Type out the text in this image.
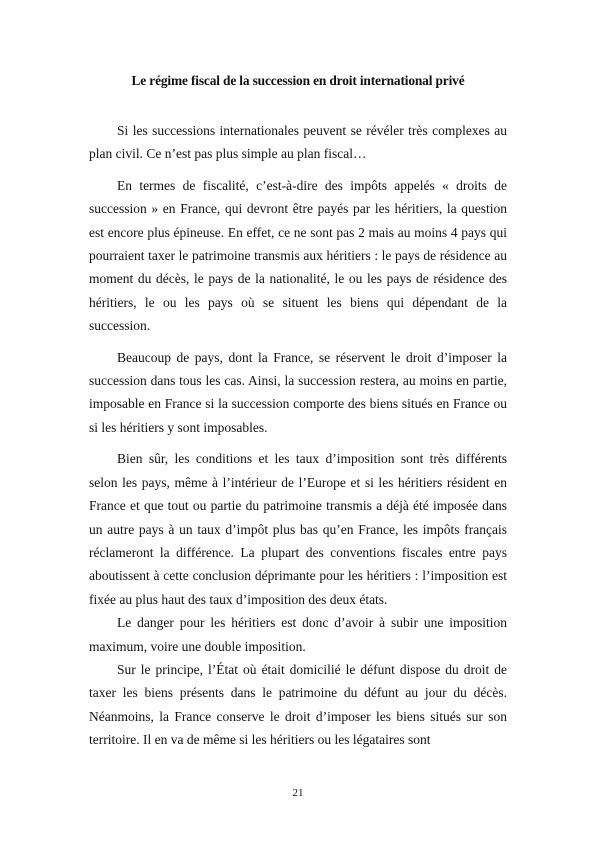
Le régime fiscal de la succession en droit international privé

Si les successions internationales peuvent se révéler très complexes au plan civil. Ce n’est pas plus simple au plan fiscal…

En termes de fiscalité, c’est-à-dire des impôts appelés « droits de succession » en France, qui devront être payés par les héritiers, la question est encore plus épineuse. En effet, ce ne sont pas 2 mais au moins 4 pays qui pourraient taxer le patrimoine transmis aux héritiers : le pays de résidence au moment du décès, le pays de la nationalité, le ou les pays de résidence des héritiers, le ou les pays où se situent les biens qui dépendant de la succession.

Beaucoup de pays, dont la France, se réservent le droit d’imposer la succession dans tous les cas. Ainsi, la succession restera, au moins en partie, imposable en France si la succession comporte des biens situés en France ou si les héritiers y sont imposables.

Bien sûr, les conditions et les taux d’imposition sont très différents selon les pays, même à l’intérieur de l’Europe et si les héritiers résident en France et que tout ou partie du patrimoine transmis a déjà été imposée dans un autre pays à un taux d’impôt plus bas qu’en France, les impôts français réclameront la différence. La plupart des conventions fiscales entre pays aboutissent à cette conclusion déprimante pour les héritiers : l’imposition est fixée au plus haut des taux d’imposition des deux états.

Le danger pour les héritiers est donc d’avoir à subir une imposition maximum, voire une double imposition.

Sur le principe, l’État où était domicilié le défunt dispose du droit de taxer les biens présents dans le patrimoine du défunt au jour du décès. Néanmoins, la France conserve le droit d’imposer les biens situés sur son territoire. Il en va de même si les héritiers ou les légataires sont

21
